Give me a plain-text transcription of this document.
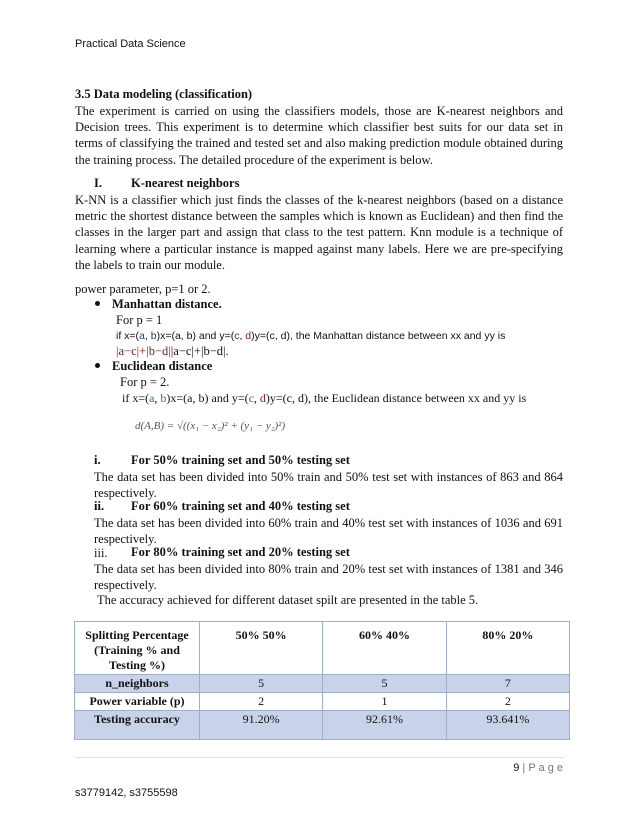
Practical Data Science
3.5 Data modeling (classification)
The experiment is carried on using the classifiers models, those are K-nearest neighbors and Decision trees. This experiment is to determine which classifier best suits for our data set in terms of classifying the trained and tested set and also making prediction module obtained during the training process. The detailed procedure of the experiment is below.
I. K-nearest neighbors
K-NN is a classifier which just finds the classes of the k-nearest neighbors (based on a distance metric the shortest distance between the samples which is known as Euclidean) and then find the classes in the larger part and assign that class to the test pattern. Knn module is a technique of learning where a particular instance is mapped against many labels. Here we are pre-specifying the labels to train our module.
power parameter, p=1 or 2.
Manhattan distance.
For p = 1
if x=(a, b)x=(a, b) and y=(c, d)y=(c, d), the Manhattan distance between xx and yy is
|a−c|+|b−d||a−c|+|b−d|.
Euclidean distance
For p = 2.
if x=(a, b)x=(a, b) and y=(c, d)y=(c, d), the Euclidean distance between xx and yy is
d(A,B) = √((x₁ − x₂)² + (y₁ − y₂)²)
i. For 50% training set and 50% testing set
The data set has been divided into 50% train and 50% test set with instances of 863 and 864 respectively.
ii. For 60% training set and 40% testing set
The data set has been divided into 60% train and 40% test set with instances of 1036 and 691 respectively.
iii. For 80% training set and 20% testing set
The data set has been divided into 80% train and 20% test set with instances of 1381 and 346 respectively.
The accuracy achieved for different dataset spilt are presented in the table 5.
Splitting Percentage (Training % and Testing %)	50% 50%	60% 40%	80% 20%
n_neighbors	5	5	7
Power variable (p)	2	1	2
Testing accuracy	91.20%	92.61%	93.641%
9 | P a g e
s3779142, s3755598
